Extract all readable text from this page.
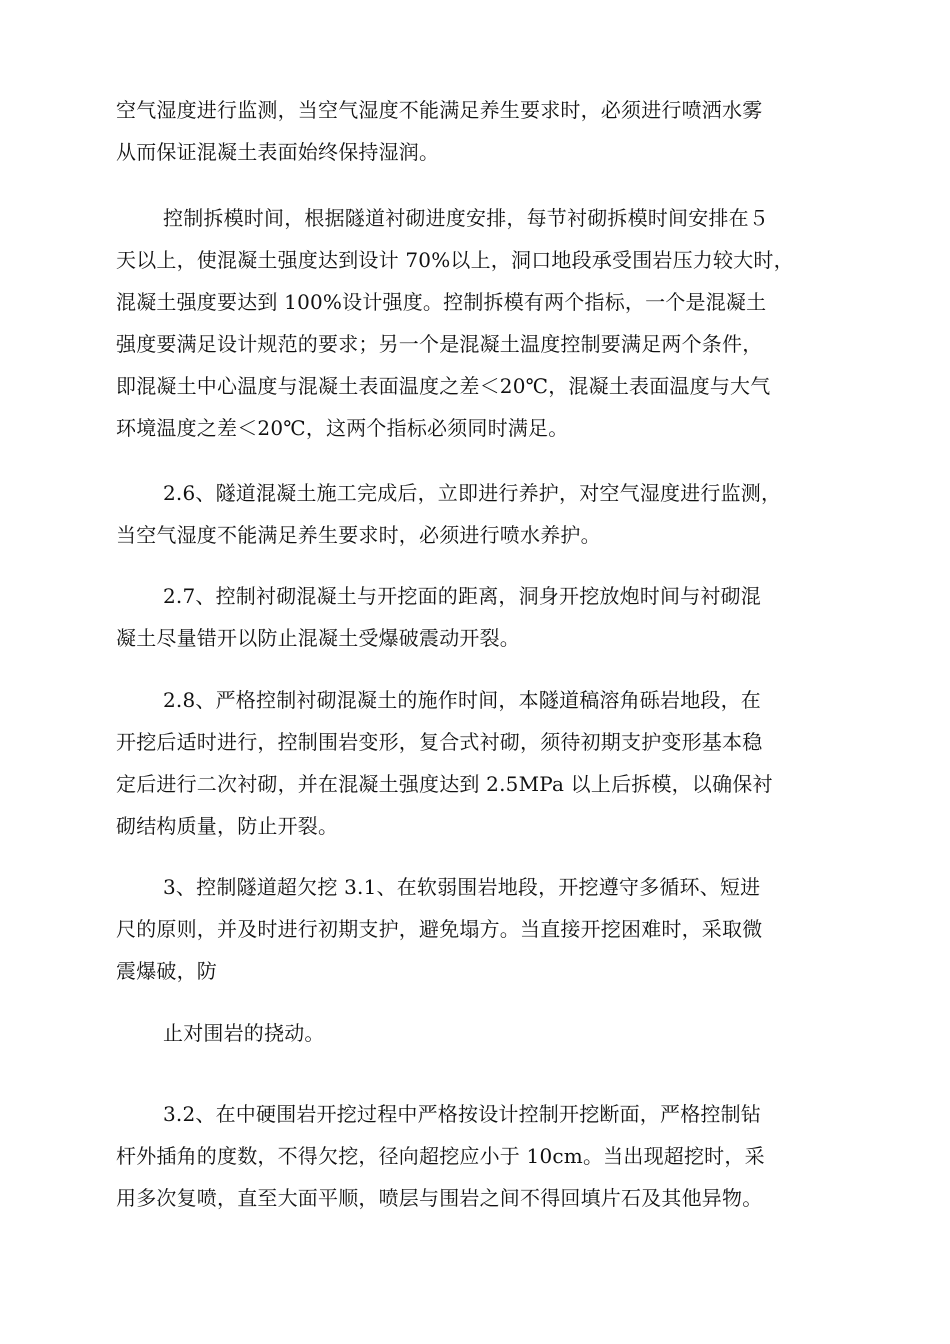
空气湿度进行监测，当空气湿度不能满足养生要求时，必须进行喷洒水雾
从而保证混凝土表面始终保持湿润。
控制拆模时间，根据隧道衬砌进度安排，每节衬砌拆模时间安排在５
天以上，使混凝土强度达到设计 70%以上，洞口地段承受围岩压力较大时，
混凝土强度要达到 100%设计强度。控制拆模有两个指标，一个是混凝土
强度要满足设计规范的要求；另一个是混凝土温度控制要满足两个条件，
即混凝土中心温度与混凝土表面温度之差＜20℃，混凝土表面温度与大气
环境温度之差＜20℃，这两个指标必须同时满足。
2.6、隧道混凝土施工完成后，立即进行养护，对空气湿度进行监测，
当空气湿度不能满足养生要求时，必须进行喷水养护。
2.7、控制衬砌混凝土与开挖面的距离，洞身开挖放炮时间与衬砌混
凝土尽量错开以防止混凝土受爆破震动开裂。
2.8、严格控制衬砌混凝土的施作时间，本隧道稿溶角砾岩地段，在
开挖后适时进行，控制围岩变形，复合式衬砌，须待初期支护变形基本稳
定后进行二次衬砌，并在混凝土强度达到 2.5MPa 以上后拆模，以确保衬
砌结构质量，防止开裂。
3、控制隧道超欠挖 3.1、在软弱围岩地段，开挖遵守多循环、短进
尺的原则，并及时进行初期支护，避免塌方。当直接开挖困难时，采取微
震爆破，防
止对围岩的挠动。
3.2、在中硬围岩开挖过程中严格按设计控制开挖断面，严格控制钻
杆外插角的度数，不得欠挖，径向超挖应小于 10cm。当出现超挖时，采
用多次复喷，直至大面平顺，喷层与围岩之间不得回填片石及其他异物。
